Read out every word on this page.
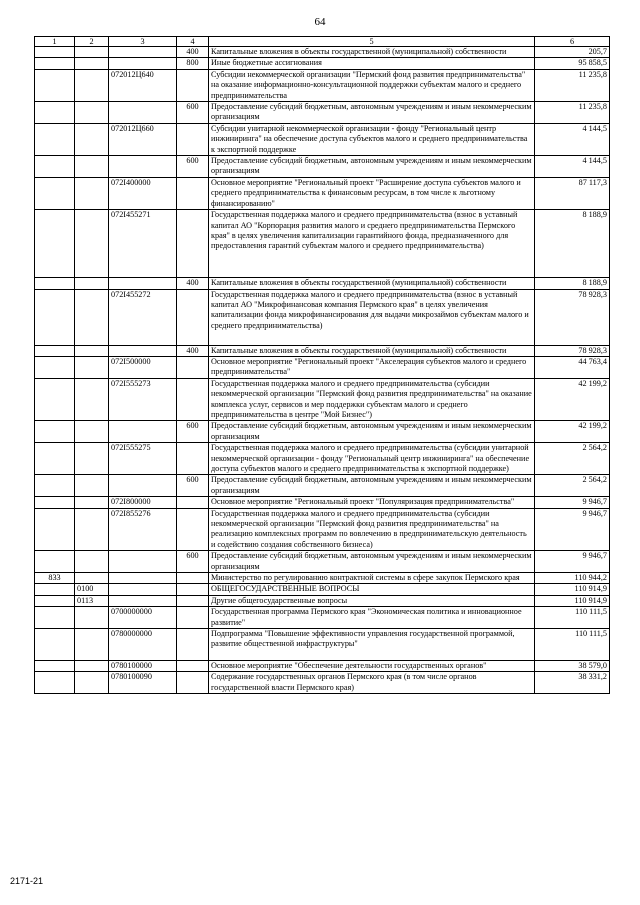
64
1	2	3	4	5	6
			400	Капитальные вложения в объекты государственной (муниципальной) собственности	205,7
			800	Иные бюджетные ассигнования	95 858,5
		072012Ц640		Субсидии некоммерческой организации "Пермский фонд развития предпринимательства" на оказание информационно-консультационной поддержки субъектам малого и среднего предпринимательства	11 235,8
			600	Предоставление субсидий бюджетным, автономным учреждениям и иным некоммерческим организациям	11 235,8
		072012Ц660		Субсидии унитарной некоммерческой организации - фонду "Региональный центр инжиниринга" на обеспечение доступа субъектов малого и среднего предпринимательства к экспортной поддержке	4 144,5
			600	Предоставление субсидий бюджетным, автономным учреждениям и иным некоммерческим организациям	4 144,5
		072I400000		Основное мероприятие "Региональный проект "Расширение доступа субъектов малого и среднего предпринимательства к финансовым ресурсам, в том числе к льготному финансированию"	87 117,3
		072I455271		Государственная поддержка малого и среднего предпринимательства (взнос в уставный капитал АО "Корпорация развития малого и среднего предпринимательства Пермского края" в целях увеличения капитализации гарантийного фонда, предназначенного для предоставления гарантий субъектам малого и среднего предпринимательства)	8 188,9
			400	Капитальные вложения в объекты государственной (муниципальной) собственности	8 188,9
		072I455272		Государственная поддержка малого и среднего предпринимательства (взнос в уставный капитал АО "Микрофинансовая компания Пермского края" в целях увеличения капитализации фонда микрофинансирования для выдачи микрозаймов субъектам малого и среднего предпринимательства)	78 928,3
			400	Капитальные вложения в объекты государственной (муниципальной) собственности	78 928,3
		072I500000		Основное мероприятие "Региональный проект "Акселерация субъектов малого и среднего предпринимательства"	44 763,4
		072I555273		Государственная поддержка малого и среднего предпринимательства (субсидии некоммерческой организации "Пермский фонд развития предпринимательства" на оказание комплекса услуг, сервисов и мер поддержки субъектам малого и среднего предпринимательства в центре "Мой Бизнес")	42 199,2
			600	Предоставление субсидий бюджетным, автономным учреждениям и иным некоммерческим организациям	42 199,2
		072I555275		Государственная поддержка малого и среднего предпринимательства (субсидии унитарной некоммерческой организации - фонду "Региональный центр инжиниринга" на обеспечение доступа субъектов малого и среднего предпринимательства к экспортной поддержке)	2 564,2
			600	Предоставление субсидий бюджетным, автономным учреждениям и иным некоммерческим организациям	2 564,2
		072I800000		Основное мероприятие "Региональный проект "Популяризация предпринимательства"	9 946,7
		072I855276		Государственная поддержка малого и среднего предпринимательства (субсидии некоммерческой организации "Пермский фонд развития предпринимательства" на реализацию комплексных программ по вовлечению в предпринимательскую деятельность и содействию создания собственного бизнеса)	9 946,7
			600	Предоставление субсидий бюджетным, автономным учреждениям и иным некоммерческим организациям	9 946,7
833				Министерство по регулированию контрактной системы в сфере закупок Пермского края	110 944,2
	0100			ОБЩЕГОСУДАРСТВЕННЫЕ ВОПРОСЫ	110 914,9
	0113			Другие общегосударственные вопросы	110 914,9
		0700000000		Государственная программа Пермского края "Экономическая политика и инновационное развитие"	110 111,5
		0780000000		Подпрограмма "Повышение эффективности управления государственной программой, развитие общественной инфраструктуры"	110 111,5
		0780100000		Основное мероприятие "Обеспечение деятельности государственных органов"	38 579,0
		0780100090		Содержание государственных органов Пермского края (в том числе органов государственной власти Пермского края)	38 331,2
2171-21
